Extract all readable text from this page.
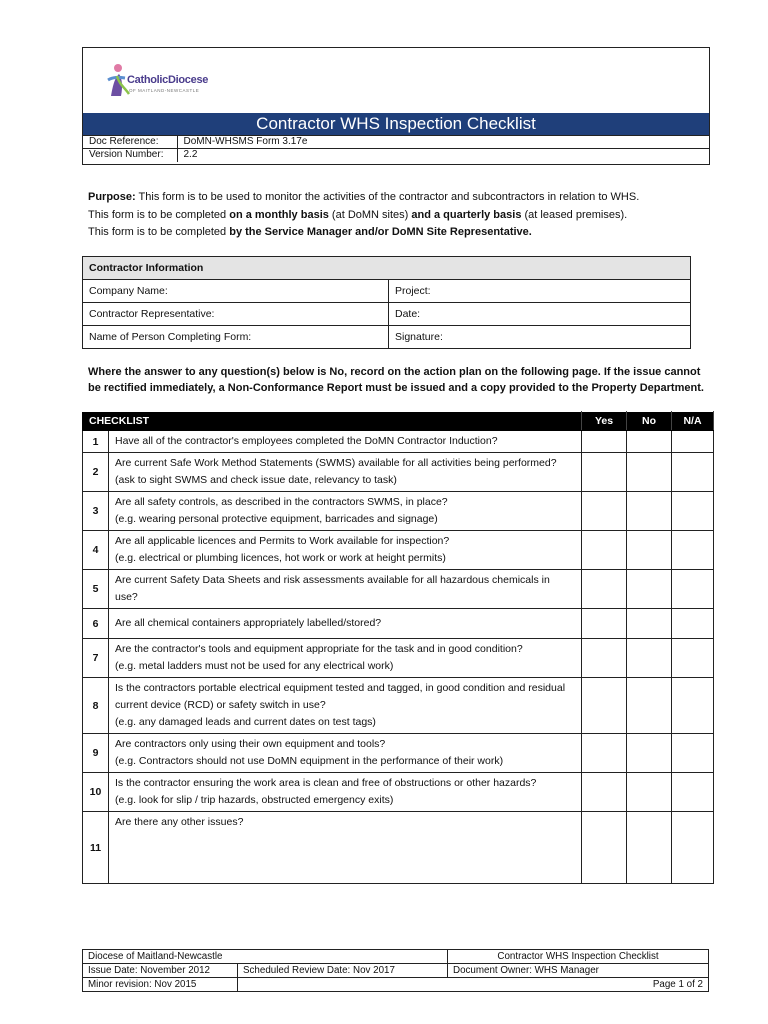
CatholicDiocese
OF MAITLAND-NEWCASTLE
Contractor WHS Inspection Checklist
Doc Reference:	DoMN-WHSMS Form 3.17e
Version Number:	2.2
Purpose: This form is to be used to monitor the activities of the contractor and subcontractors in relation to WHS.
This form is to be completed on a monthly basis (at DoMN sites) and a quarterly basis (at leased premises).
This form is to be completed by the Service Manager and/or DoMN Site Representative.
Contractor Information	
Company Name:	Project:
Contractor Representative:	Date:
Name of Person Completing Form:	Signature:
Where the answer to any question(s) below is No, record on the action plan on the following page. If the issue cannot be rectified immediately, a Non-Conformance Report must be issued and a copy provided to the Property Department.
CHECKLIST		Yes	No	N/A
1	Have all of the contractor's employees completed the DoMN Contractor Induction?			

2	Are current Safe Work Method Statements (SWMS) available for all activities being performed?
(ask to sight SWMS and check issue date, relevancy to task)			

3	Are all safety controls, as described in the contractors SWMS, in place?
(e.g. wearing personal protective equipment, barricades and signage)			

4	Are all applicable licences and Permits to Work available for inspection?
(e.g. electrical or plumbing licences, hot work or work at height permits)			

5	Are current Safety Data Sheets and risk assessments available for all hazardous chemicals in use?			

6	Are all chemical containers appropriately labelled/stored?			

7	Are the contractor's tools and equipment appropriate for the task and in good condition?
(e.g. metal ladders must not be used for any electrical work)			

8	Is the contractors portable electrical equipment tested and tagged, in good condition and residual
current device (RCD) or safety switch in use?
(e.g. any damaged leads and current dates on test tags)			

9	Are contractors only using their own equipment and tools?
(e.g. Contractors should not use DoMN equipment in the performance of their work)			

10	Is the contractor ensuring the work area is clean and free of obstructions or other hazards?
(e.g. look for slip / trip hazards, obstructed emergency exits)			

11	Are there any other issues?			

Diocese of Maitland-Newcastle		Contractor WHS Inspection Checklist
Issue Date: November 2012	Scheduled Review Date: Nov 2017	Document Owner: WHS Manager
Minor revision: Nov 2015	Page 1 of 2	
